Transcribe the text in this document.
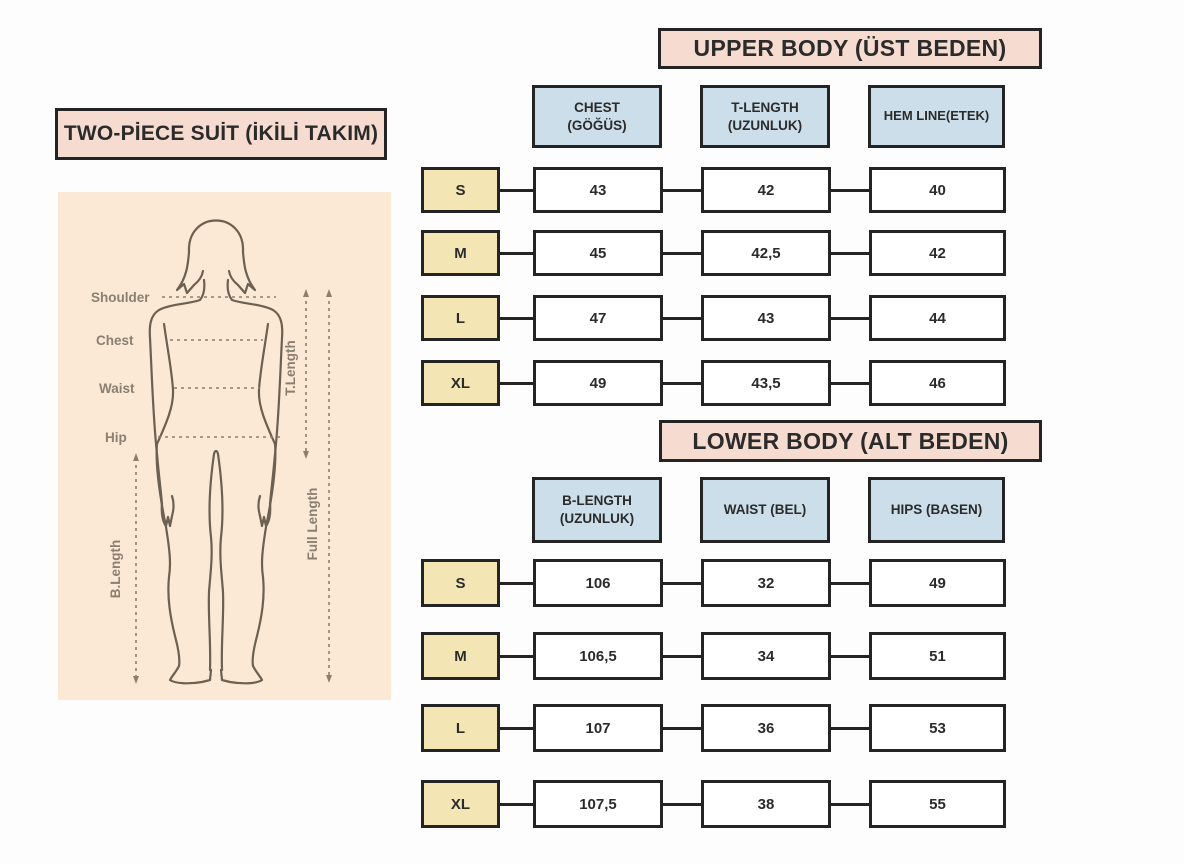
TWO-PİECE SUİT (İKİLİ TAKIM)
Shoulder
Chest
Waist
Hip
B.Length
T.Length
Full Length
UPPER BODY (ÜST BEDEN)
CHEST
(GÖĞÜS)
T-LENGTH
(UZUNLUK)
HEM LINE(ETEK)
S	43	42	40
M	45	42,5	42
L	47	43	44
XL	49	43,5	46
LOWER BODY (ALT BEDEN)
B-LENGTH
(UZUNLUK)
WAIST (BEL)	HIPS (BASEN)
S	106	32	49
M	106,5	34	51
L	107	36	53
XL	107,5	38	55
